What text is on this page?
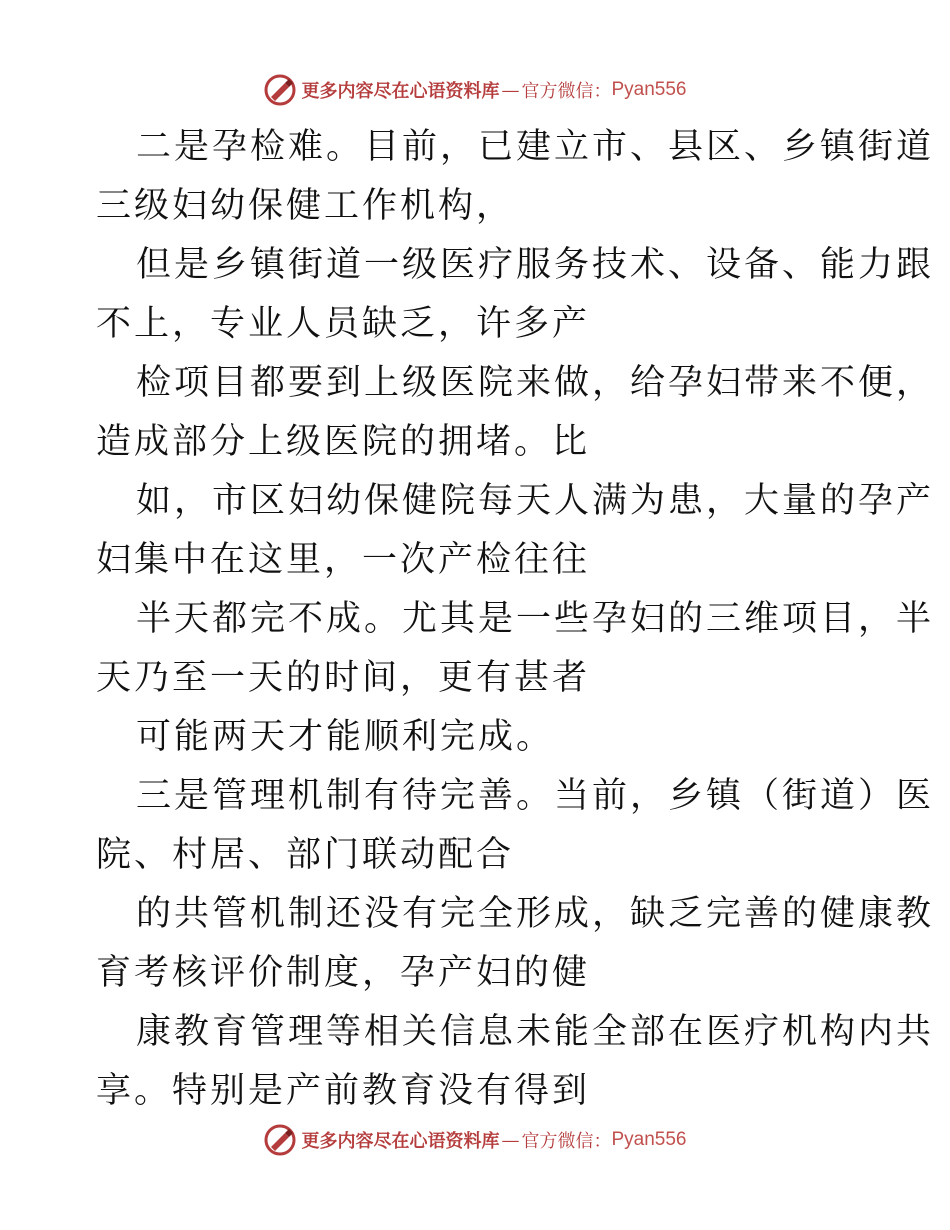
更多内容尽在心语资料库 — 官方微信： Pyan556
二是孕检难。目前，已建立市、县区、乡镇街道
三级妇幼保健工作机构，
但是乡镇街道一级医疗服务技术、设备、能力跟
不上，专业人员缺乏，许多产
检项目都要到上级医院来做，给孕妇带来不便，
造成部分上级医院的拥堵。比
如，市区妇幼保健院每天人满为患，大量的孕产
妇集中在这里，一次产检往往
半天都完不成。尤其是一些孕妇的三维项目，半
天乃至一天的时间，更有甚者
可能两天才能顺利完成。
三是管理机制有待完善。当前，乡镇（街道）医
院、村居、部门联动配合
的共管机制还没有完全形成，缺乏完善的健康教
育考核评价制度，孕产妇的健
康教育管理等相关信息未能全部在医疗机构内共
享。特别是产前教育没有得到
更多内容尽在心语资料库 — 官方微信： Pyan556
